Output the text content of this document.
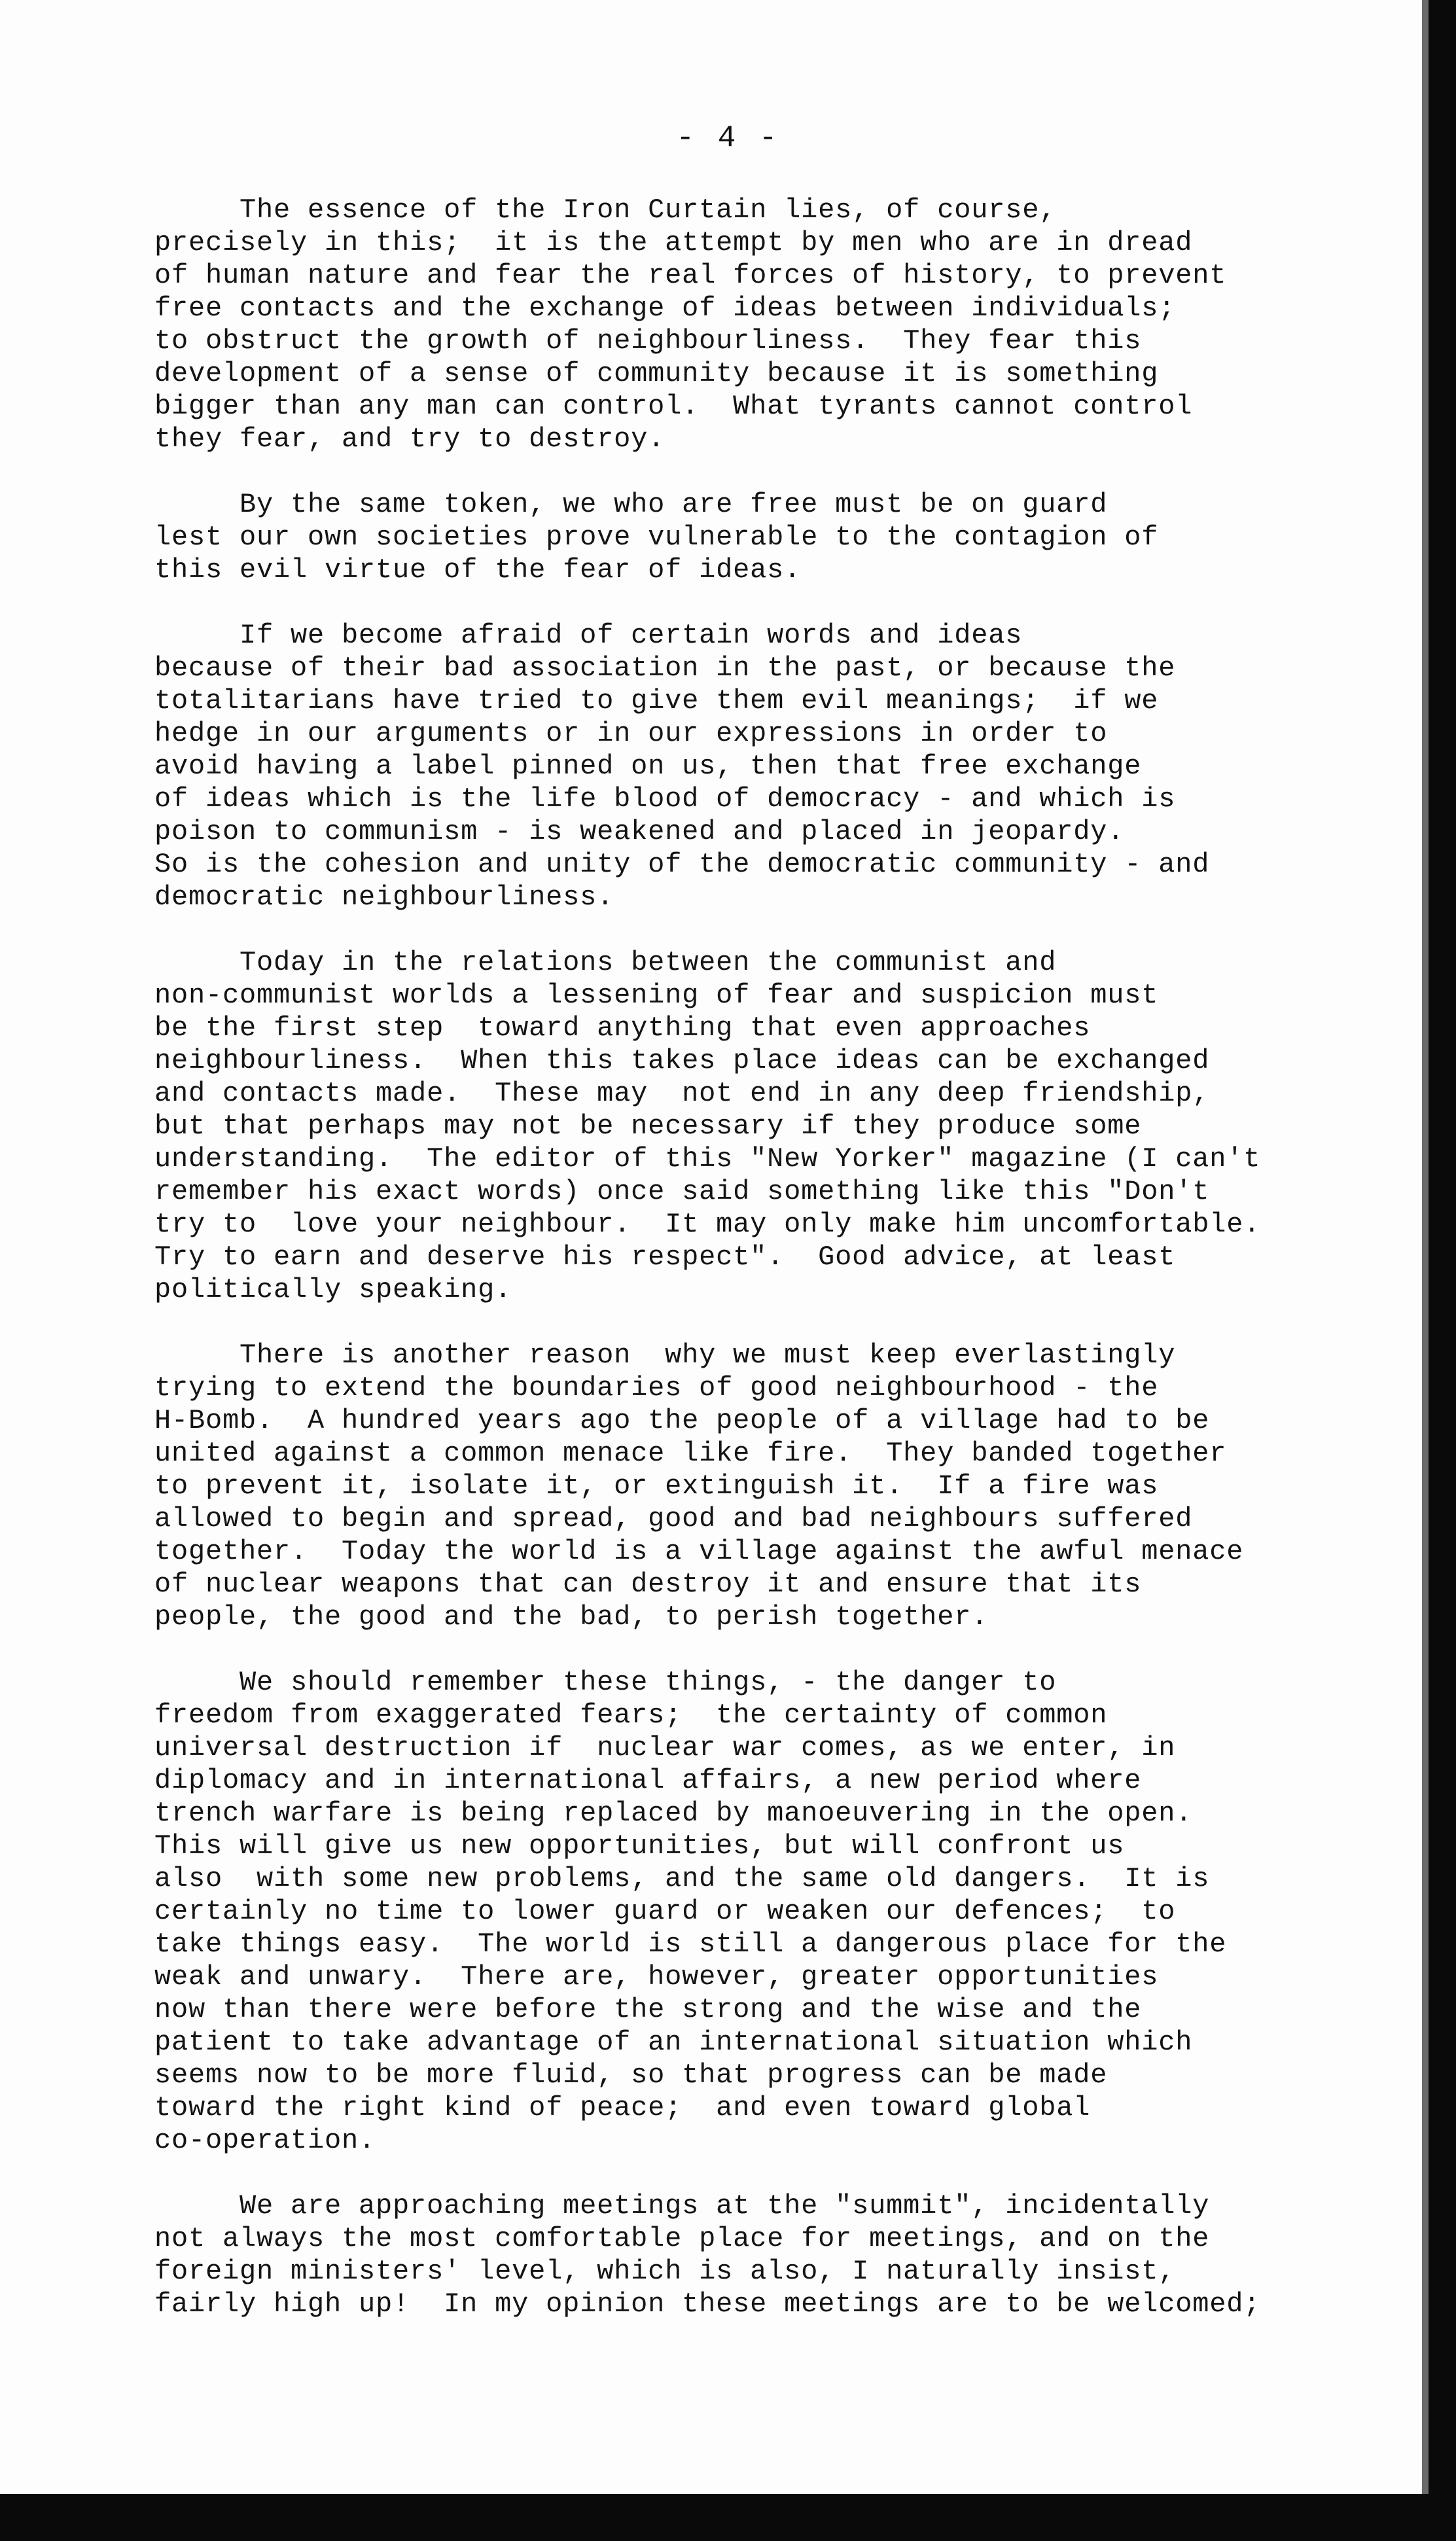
- 4 -
The essence of the Iron Curtain lies, of course,
precisely in this;  it is the attempt by men who are in dread
of human nature and fear the real forces of history, to prevent
free contacts and the exchange of ideas between individuals;
to obstruct the growth of neighbourliness.  They fear this
development of a sense of community because it is something
bigger than any man can control.  What tyrants cannot control
they fear, and try to destroy.
By the same token, we who are free must be on guard
lest our own societies prove vulnerable to the contagion of
this evil virtue of the fear of ideas.
If we become afraid of certain words and ideas
because of their bad association in the past, or because the
totalitarians have tried to give them evil meanings;  if we
hedge in our arguments or in our expressions in order to
avoid having a label pinned on us, then that free exchange
of ideas which is the life blood of democracy - and which is
poison to communism - is weakened and placed in jeopardy.
So is the cohesion and unity of the democratic community - and
democratic neighbourliness.
Today in the relations between the communist and
non-communist worlds a lessening of fear and suspicion must
be the first step  toward anything that even approaches
neighbourliness.  When this takes place ideas can be exchanged
and contacts made.  These may  not end in any deep friendship,
but that perhaps may not be necessary if they produce some
understanding.  The editor of this "New Yorker" magazine (I can't
remember his exact words) once said something like this "Don't
try to  love your neighbour.  It may only make him uncomfortable.
Try to earn and deserve his respect".  Good advice, at least
politically speaking.
There is another reason  why we must keep everlastingly
trying to extend the boundaries of good neighbourhood - the
H-Bomb.  A hundred years ago the people of a village had to be
united against a common menace like fire.  They banded together
to prevent it, isolate it, or extinguish it.  If a fire was
allowed to begin and spread, good and bad neighbours suffered
together.  Today the world is a village against the awful menace
of nuclear weapons that can destroy it and ensure that its
people, the good and the bad, to perish together.
We should remember these things, - the danger to
freedom from exaggerated fears;  the certainty of common
universal destruction if  nuclear war comes, as we enter, in
diplomacy and in international affairs, a new period where
trench warfare is being replaced by manoeuvering in the open.
This will give us new opportunities, but will confront us
also  with some new problems, and the same old dangers.  It is
certainly no time to lower guard or weaken our defences;  to
take things easy.  The world is still a dangerous place for the
weak and unwary.  There are, however, greater opportunities
now than there were before the strong and the wise and the
patient to take advantage of an international situation which
seems now to be more fluid, so that progress can be made
toward the right kind of peace;  and even toward global
co-operation.
We are approaching meetings at the "summit", incidentally
not always the most comfortable place for meetings, and on the
foreign ministers' level, which is also, I naturally insist,
fairly high up!  In my opinion these meetings are to be welcomed;
